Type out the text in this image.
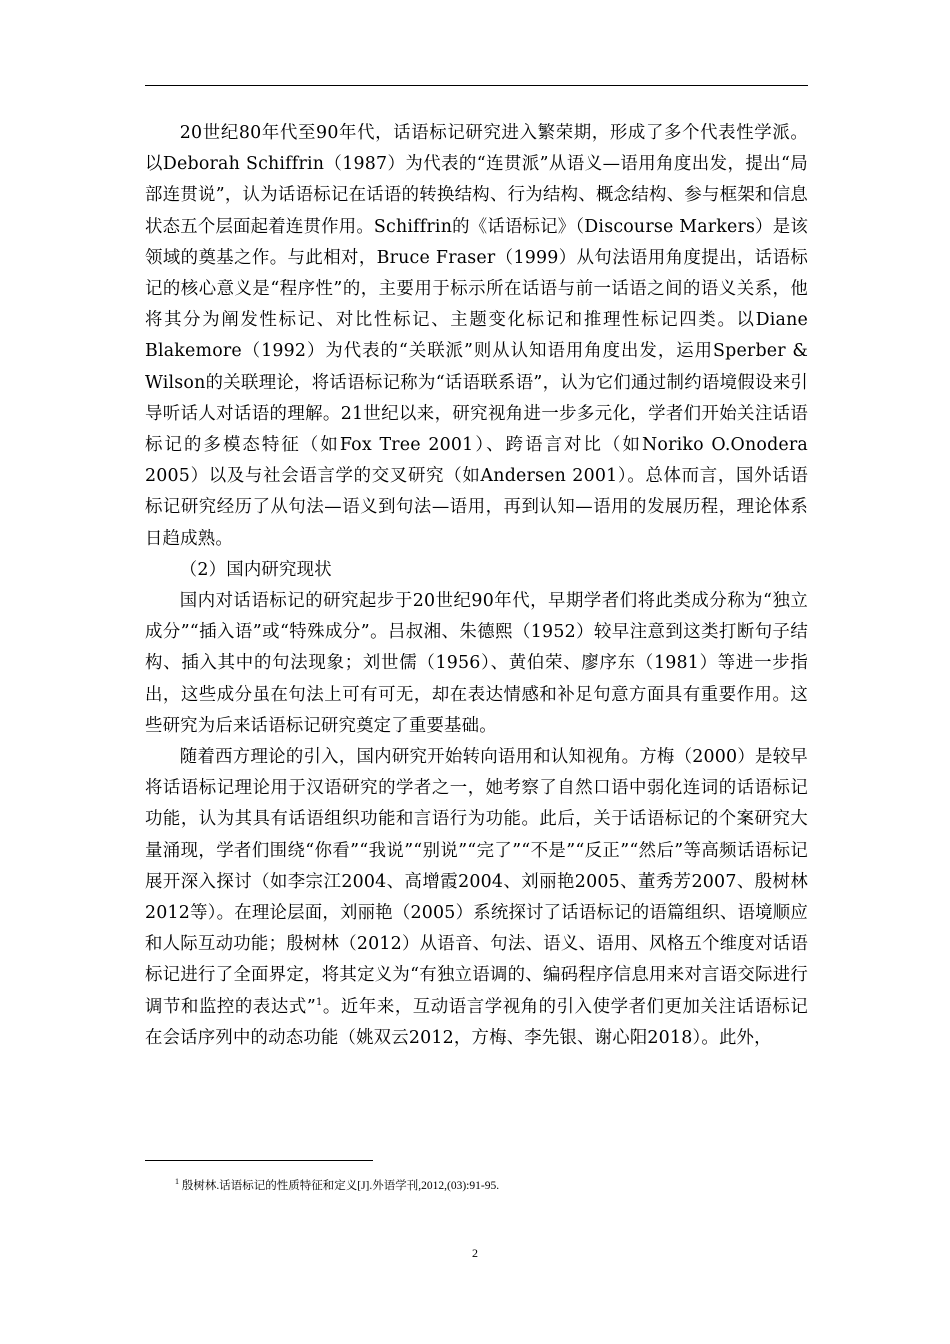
20世纪80年代至90年代，话语标记研究进入繁荣期，形成了多个代表性学派。以Deborah Schiffrin（1987）为代表的“连贯派”从语义—语用角度出发，提出“局部连贯说”，认为话语标记在话语的转换结构、行为结构、概念结构、参与框架和信息状态五个层面起着连贯作用。Schiffrin的《话语标记》（Discourse Markers）是该领域的奠基之作。与此相对，Bruce Fraser（1999）从句法语用角度提出，话语标记的核心意义是“程序性”的，主要用于标示所在话语与前一话语之间的语义关系，他将其分为阐发性标记、对比性标记、主题变化标记和推理性标记四类。以Diane Blakemore（1992）为代表的“关联派”则从认知语用角度出发，运用Sperber & Wilson的关联理论，将话语标记称为“话语联系语”，认为它们通过制约语境假设来引导听话人对话语的理解。21世纪以来，研究视角进一步多元化，学者们开始关注话语标记的多模态特征（如Fox Tree 2001）、跨语言对比（如Noriko O.Onodera 2005）以及与社会语言学的交叉研究（如Andersen 2001）。总体而言，国外话语标记研究经历了从句法—语义到句法—语用，再到认知—语用的发展历程，理论体系日趋成熟。

（2）国内研究现状

国内对话语标记的研究起步于20世纪90年代，早期学者们将此类成分称为“独立成分”“插入语”或“特殊成分”。吕叔湘、朱德熙（1952）较早注意到这类打断句子结构、插入其中的句法现象；刘世儒（1956）、黄伯荣、廖序东（1981）等进一步指出，这些成分虽在句法上可有可无，却在表达情感和补足句意方面具有重要作用。这些研究为后来话语标记研究奠定了重要基础。

随着西方理论的引入，国内研究开始转向语用和认知视角。方梅（2000）是较早将话语标记理论用于汉语研究的学者之一，她考察了自然口语中弱化连词的话语标记功能，认为其具有话语组织功能和言语行为功能。此后，关于话语标记的个案研究大量涌现，学者们围绕“你看”“我说”“别说”“完了”“不是”“反正”“然后”等高频话语标记展开深入探讨（如李宗江2004、高增霞2004、刘丽艳2005、董秀芳2007、殷树林2012等）。在理论层面，刘丽艳（2005）系统探讨了话语标记的语篇组织、语境顺应和人际互动功能；殷树林（2012）从语音、句法、语义、语用、风格五个维度对话语标记进行了全面界定，将其定义为“有独立语调的、编码程序信息用来对言语交际进行调节和监控的表达式”$^1$。近年来，互动语言学视角的引入使学者们更加关注话语标记在会话序列中的动态功能（姚双云2012，方梅、李先银、谢心阳2018）。此外，

$^1$ 殷树林.话语标记的性质特征和定义[J].外语学刊,2012,(03):91-95.
2
